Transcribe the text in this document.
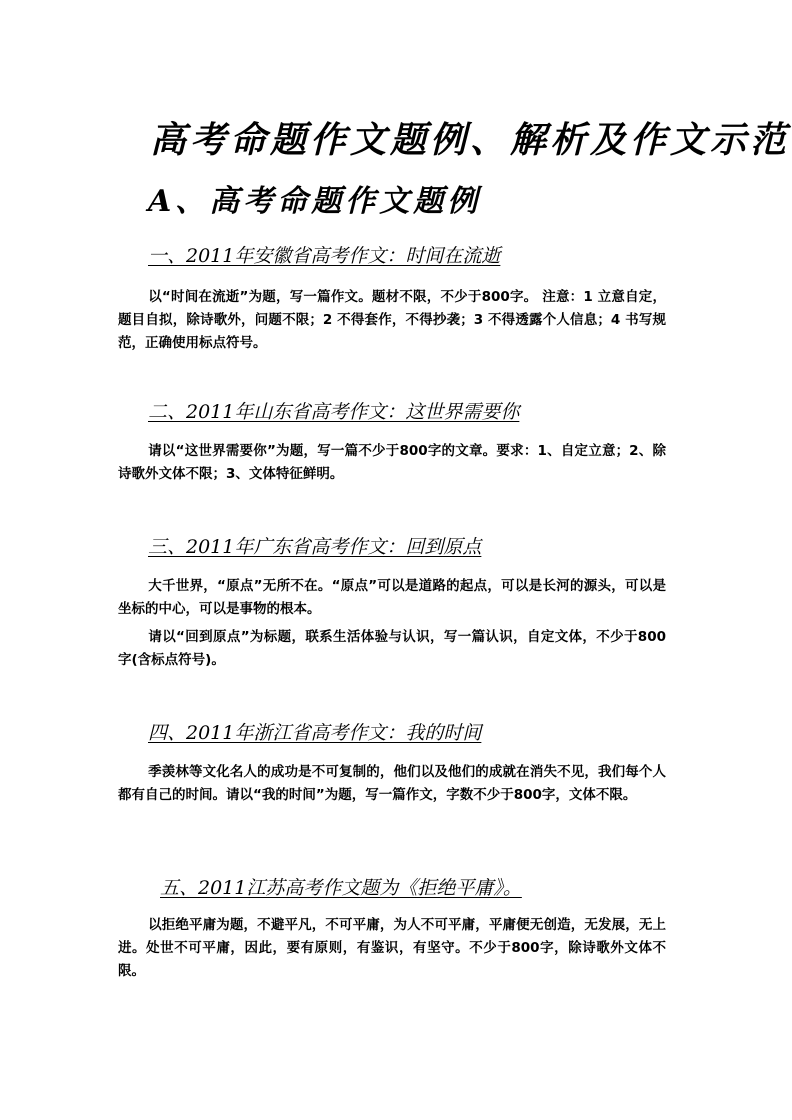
高考命题作文题例、解析及作文示范
A、高考命题作文题例
一、2011年安徽省高考作文：时间在流逝
以“时间在流逝”为题，写一篇作文。题材不限，不少于800字。 注意：1 立意自定，题目自拟，除诗歌外，问题不限；2 不得套作，不得抄袭；3 不得透露个人信息；4 书写规范，正确使用标点符号。
二、2011年山东省高考作文：这世界需要你
请以“这世界需要你”为题，写一篇不少于800字的文章。要求：1、自定立意；2、除诗歌外文体不限；3、文体特征鲜明。
三、2011年广东省高考作文：回到原点
大千世界，“原点”无所不在。“原点”可以是道路的起点，可以是长河的源头，可以是坐标的中心，可以是事物的根本。
请以“回到原点”为标题，联系生活体验与认识，写一篇认识，自定文体，不少于800字(含标点符号)。
四、2011年浙江省高考作文：我的时间
季羡林等文化名人的成功是不可复制的，他们以及他们的成就在消失不见，我们每个人都有自己的时间。请以“我的时间”为题，写一篇作文，字数不少于800字，文体不限。
五、2011江苏高考作文题为《拒绝平庸》。
以拒绝平庸为题，不避平凡，不可平庸，为人不可平庸，平庸便无创造，无发展，无上进。处世不可平庸，因此，要有原则，有鉴识，有坚守。不少于800字，除诗歌外文体不限。
